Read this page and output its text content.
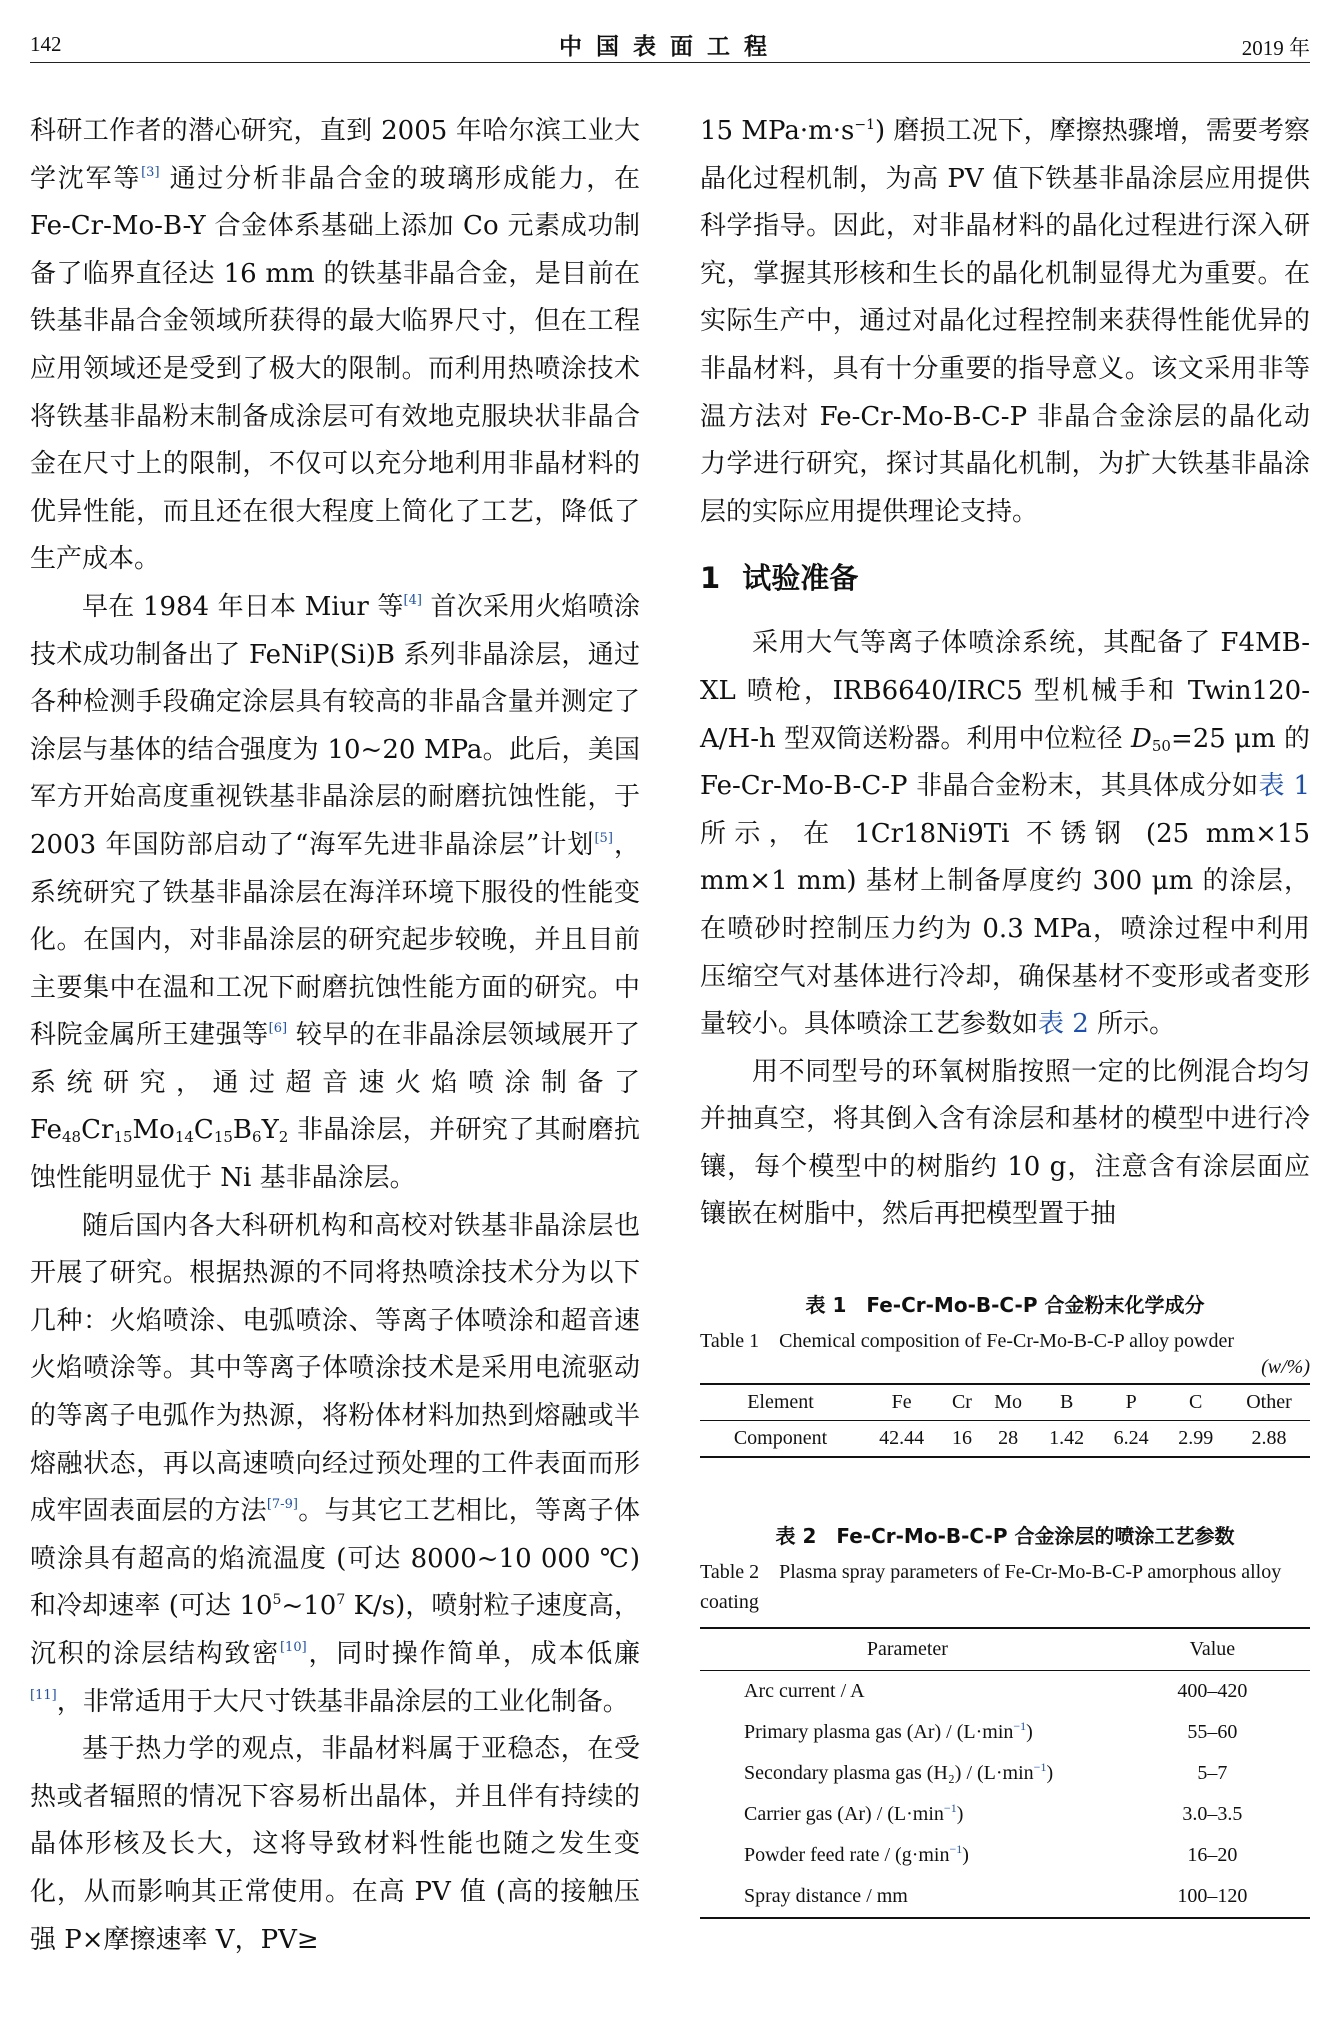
142	中国表面工程	2019 年

科研工作者的潜心研究，直到 2005 年哈尔滨工业大学沈军等[3] 通过分析非晶合金的玻璃形成能力，在 Fe-Cr-Mo-B-Y 合金体系基础上添加 Co 元素成功制备了临界直径达 16 mm 的铁基非晶合金，是目前在铁基非晶合金领域所获得的最大临界尺寸，但在工程应用领域还是受到了极大的限制。而利用热喷涂技术将铁基非晶粉末制备成涂层可有效地克服块状非晶合金在尺寸上的限制，不仅可以充分地利用非晶材料的优异性能，而且还在很大程度上简化了工艺，降低了生产成本。

早在 1984 年日本 Miur 等[4] 首次采用火焰喷涂技术成功制备出了 FeNiP(Si)B 系列非晶涂层，通过各种检测手段确定涂层具有较高的非晶含量并测定了涂层与基体的结合强度为 10~20 MPa。此后，美国军方开始高度重视铁基非晶涂层的耐磨抗蚀性能，于 2003 年国防部启动了“海军先进非晶涂层”计划[5]，系统研究了铁基非晶涂层在海洋环境下服役的性能变化。在国内，对非晶涂层的研究起步较晚，并且目前主要集中在温和工况下耐磨抗蚀性能方面的研究。中科院金属所王建强等[6] 较早的在非晶涂层领域展开了系统研究，通过超音速火焰喷涂制备了 $Fe_{48}Cr_{15}Mo_{14}C_{15}B_6Y_2$ 非晶涂层，并研究了其耐磨抗蚀性能明显优于 Ni 基非晶涂层。

随后国内各大科研机构和高校对铁基非晶涂层也开展了研究。根据热源的不同将热喷涂技术分为以下几种：火焰喷涂、电弧喷涂、等离子体喷涂和超音速火焰喷涂等。其中等离子体喷涂技术是采用电流驱动的等离子电弧作为热源，将粉体材料加热到熔融或半熔融状态，再以高速喷向经过预处理的工件表面而形成牢固表面层的方法[7-9]。与其它工艺相比，等离子体喷涂具有超高的焰流温度 (可达 8000~10 000 ℃) 和冷却速率 (可达 $10^5\sim 10^7$ K/s)，喷射粒子速度高，沉积的涂层结构致密[10]，同时操作简单，成本低廉[11]，非常适用于大尺寸铁基非晶涂层的工业化制备。

基于热力学的观点，非晶材料属于亚稳态，在受热或者辐照的情况下容易析出晶体，并且伴有持续的晶体形核及长大，这将导致材料性能也随之发生变化，从而影响其正常使用。在高 PV 值 (高的接触压强 P×摩擦速率 V，PV≥

15 $MPa\cdot m\cdot s^{-1}$) 磨损工况下，摩擦热骤增，需要考察晶化过程机制，为高 PV 值下铁基非晶涂层应用提供科学指导。因此，对非晶材料的晶化过程进行深入研究，掌握其形核和生长的晶化机制显得尤为重要。在实际生产中，通过对晶化过程控制来获得性能优异的非晶材料，具有十分重要的指导意义。该文采用非等温方法对 Fe-Cr-Mo-B-C-P 非晶合金涂层的晶化动力学进行研究，探讨其晶化机制，为扩大铁基非晶涂层的实际应用提供理论支持。

1 试验准备

采用大气等离子体喷涂系统，其配备了 F4MB-XL 喷枪，IRB6640/IRC5 型机械手和 Twin120-A/H-h 型双筒送粉器。利用中位粒径 $D_{50}=25$ μm 的 Fe-Cr-Mo-B-C-P 非晶合金粉末，其具体成分如表 1 所示，在 1Cr18Ni9Ti 不锈钢 (25 mm×15 mm×1 mm) 基材上制备厚度约 300 μm 的涂层，在喷砂时控制压力约为 0.3 MPa，喷涂过程中利用压缩空气对基体进行冷却，确保基材不变形或者变形量较小。具体喷涂工艺参数如表 2 所示。

用不同型号的环氧树脂按照一定的比例混合均匀并抽真空，将其倒入含有涂层和基材的模型中进行冷镶，每个模型中的树脂约 10 g，注意含有涂层面应镶嵌在树脂中，然后再把模型置于抽

表 1　Fe-Cr-Mo-B-C-P 合金粉末化学成分
Table 1　Chemical composition of Fe-Cr-Mo-B-C-P alloy powder
(w/%)
Element	Fe	Cr	Mo	B	P	C	Other
Component	42.44	16	28	1.42	6.24	2.99	2.88
表 2　Fe-Cr-Mo-B-C-P 合金涂层的喷涂工艺参数
Table 2　Plasma spray parameters of Fe-Cr-Mo-B-C-P amorphous alloy coating
Parameter	Value
Arc current / A	400–420
Primary plasma gas $(Ar) / (L\cdot\min^{-1})$	55–60
Secondary plasma gas $(H_2) / (L\cdot\min^{-1})$	5–7
Carrier gas $(Ar) / (L\cdot\min^{-1})$	3.0–3.5
Powder feed rate / $(g\cdot\min^{-1})$	16–20
Spray distance / mm	100–120
